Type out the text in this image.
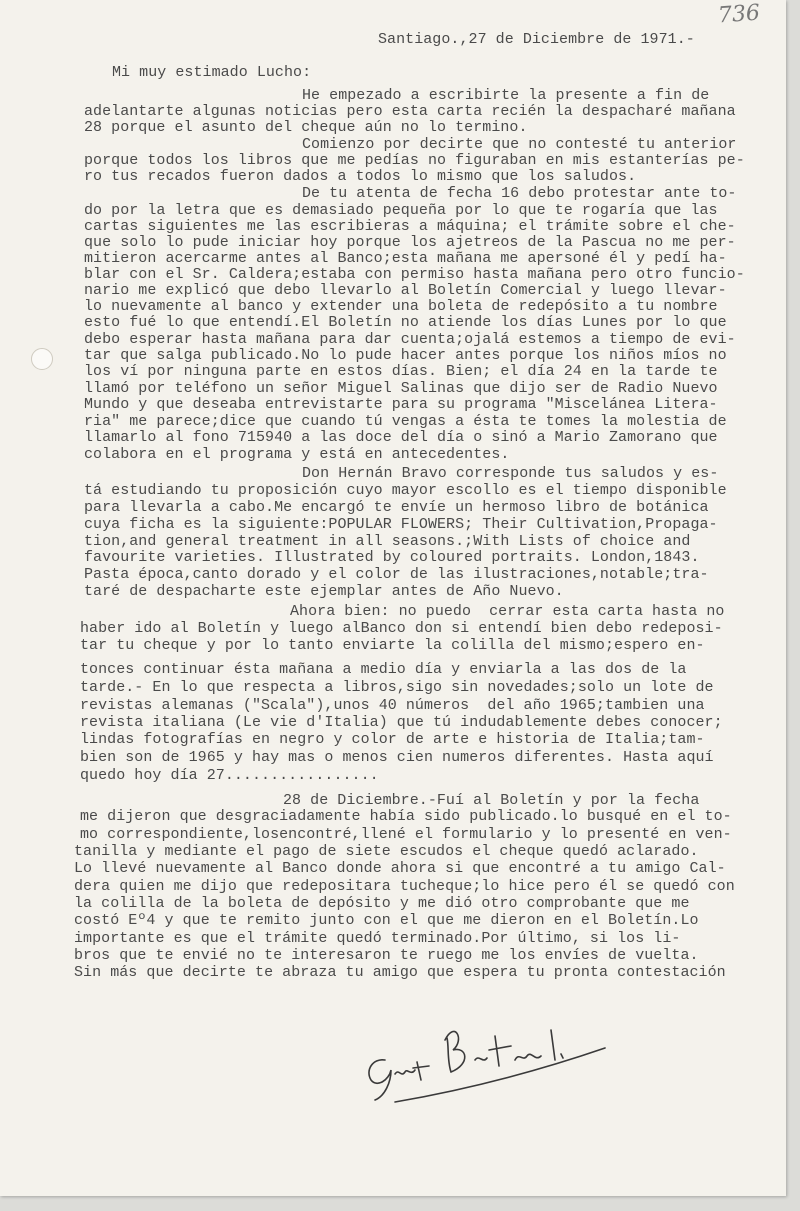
736
Santiago.,27 de Diciembre de 1971.-
Mi muy estimado Lucho:
He empezado a escribirte la presente a fin de
adelantarte algunas noticias pero esta carta recién la despacharé mañana
28 porque el asunto del cheque aún no lo termino.
Comienzo por decirte que no contesté tu anterior
porque todos los libros que me pedías no figuraban en mis estanterías pe-
ro tus recados fueron dados a todos lo mismo que los saludos.
De tu atenta de fecha 16 debo protestar ante to-
do por la letra que es demasiado pequeña por lo que te rogaría que las
cartas siguientes me las escribieras a máquina; el trámite sobre el che-
que solo lo pude iniciar hoy porque los ajetreos de la Pascua no me per-
mitieron acercarme antes al Banco;esta mañana me apersoné él y pedí ha-
blar con el Sr. Caldera;estaba con permiso hasta mañana pero otro funcio-
nario me explicó que debo llevarlo al Boletín Comercial y luego llevar-
lo nuevamente al banco y extender una boleta de redepósito a tu nombre
esto fué lo que entendí.El Boletín no atiende los días Lunes por lo que
debo esperar hasta mañana para dar cuenta;ojalá estemos a tiempo de evi-
tar que salga publicado.No lo pude hacer antes porque los niños míos no
los ví por ninguna parte en estos días. Bien; el día 24 en la tarde te
llamó por teléfono un señor Miguel Salinas que dijo ser de Radio Nuevo
Mundo y que deseaba entrevistarte para su programa "Miscelánea Litera-
ria" me parece;dice que cuando tú vengas a ésta te tomes la molestia de
llamarlo al fono 715940 a las doce del día o sinó a Mario Zamorano que
colabora en el programa y está en antecedentes.
Don Hernán Bravo corresponde tus saludos y es-
tá estudiando tu proposición cuyo mayor escollo es el tiempo disponible
para llevarla a cabo.Me encargó te envíe un hermoso libro de botánica
cuya ficha es la siguiente:POPULAR FLOWERS; Their Cultivation,Propaga-
tion,and general treatment in all seasons.;With Lists of choice and
favourite varieties. Illustrated by coloured portraits. London,1843.
Pasta época,canto dorado y el color de las ilustraciones,notable;tra-
taré de despacharte este ejemplar antes de Año Nuevo.
Ahora bien: no puedo  cerrar esta carta hasta no
haber ido al Boletín y luego alBanco don si entendí bien debo redeposi-
tar tu cheque y por lo tanto enviarte la colilla del mismo;espero en-
tonces continuar ésta mañana a medio día y enviarla a las dos de la
tarde.- En lo que respecta a libros,sigo sin novedades;solo un lote de
revistas alemanas ("Scala"),unos 40 números  del año 1965;tambien una
revista italiana (Le vie d'Italia) que tú indudablemente debes conocer;
lindas fotografías en negro y color de arte e historia de Italia;tam-
bien son de 1965 y hay mas o menos cien numeros diferentes. Hasta aquí
quedo hoy día 27.................
28 de Diciembre.-Fuí al Boletín y por la fecha
me dijeron que desgraciadamente había sido publicado.lo busqué en el to-
mo correspondiente,losencontré,llené el formulario y lo presenté en ven-
tanilla y mediante el pago de siete escudos el cheque quedó aclarado.
Lo llevé nuevamente al Banco donde ahora si que encontré a tu amigo Cal-
dera quien me dijo que redepositara tucheque;lo hice pero él se quedó con
la colilla de la boleta de depósito y me dió otro comprobante que me
costó Eº4 y que te remito junto con el que me dieron en el Boletín.Lo
importante es que el trámite quedó terminado.Por último, si los li-
bros que te envié no te interesaron te ruego me los envíes de vuelta.
Sin más que decirte te abraza tu amigo que espera tu pronta contestación
